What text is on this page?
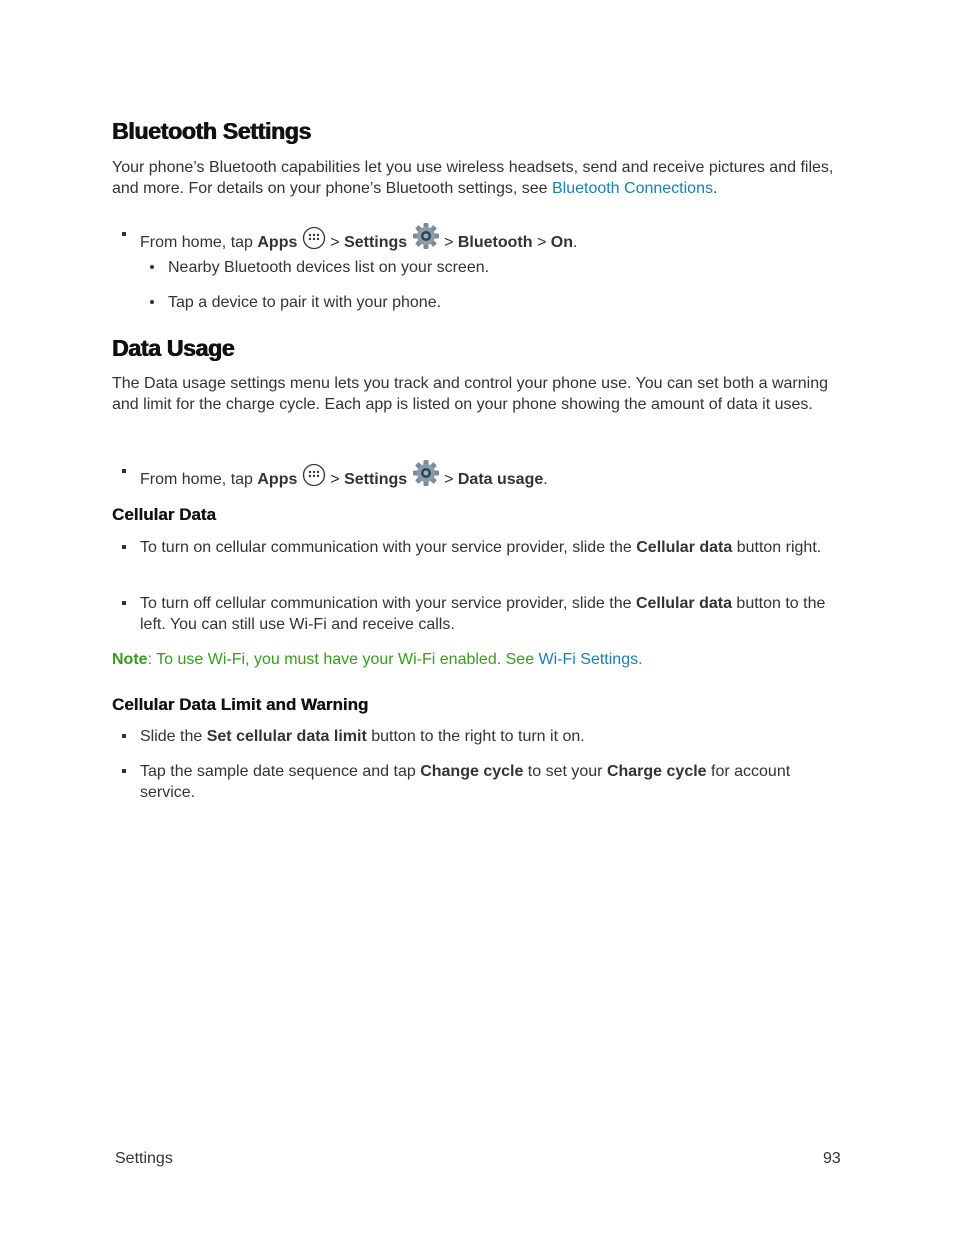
Bluetooth Settings

Your phone’s Bluetooth capabilities let you use wireless headsets, send and receive pictures and files, and more. For details on your phone’s Bluetooth settings, see Bluetooth Connections.

From home, tap Apps  > Settings  > Bluetooth > On.
Nearby Bluetooth devices list on your screen.
Tap a device to pair it with your phone.
Data Usage

The Data usage settings menu lets you track and control your phone use. You can set both a warning and limit for the charge cycle. Each app is listed on your phone showing the amount of data it uses.

From home, tap Apps  > Settings  > Data usage.
Cellular Data
To turn on cellular communication with your service provider, slide the Cellular data button right.
To turn off cellular communication with your service provider, slide the Cellular data button to the left. You can still use Wi-Fi and receive calls.

Note: To use Wi-Fi, you must have your Wi-Fi enabled. See Wi-Fi Settings.

Cellular Data Limit and Warning
Slide the Set cellular data limit button to the right to turn it on.
Tap the sample date sequence and tap Change cycle to set your Charge cycle for account service.
Settings	93
